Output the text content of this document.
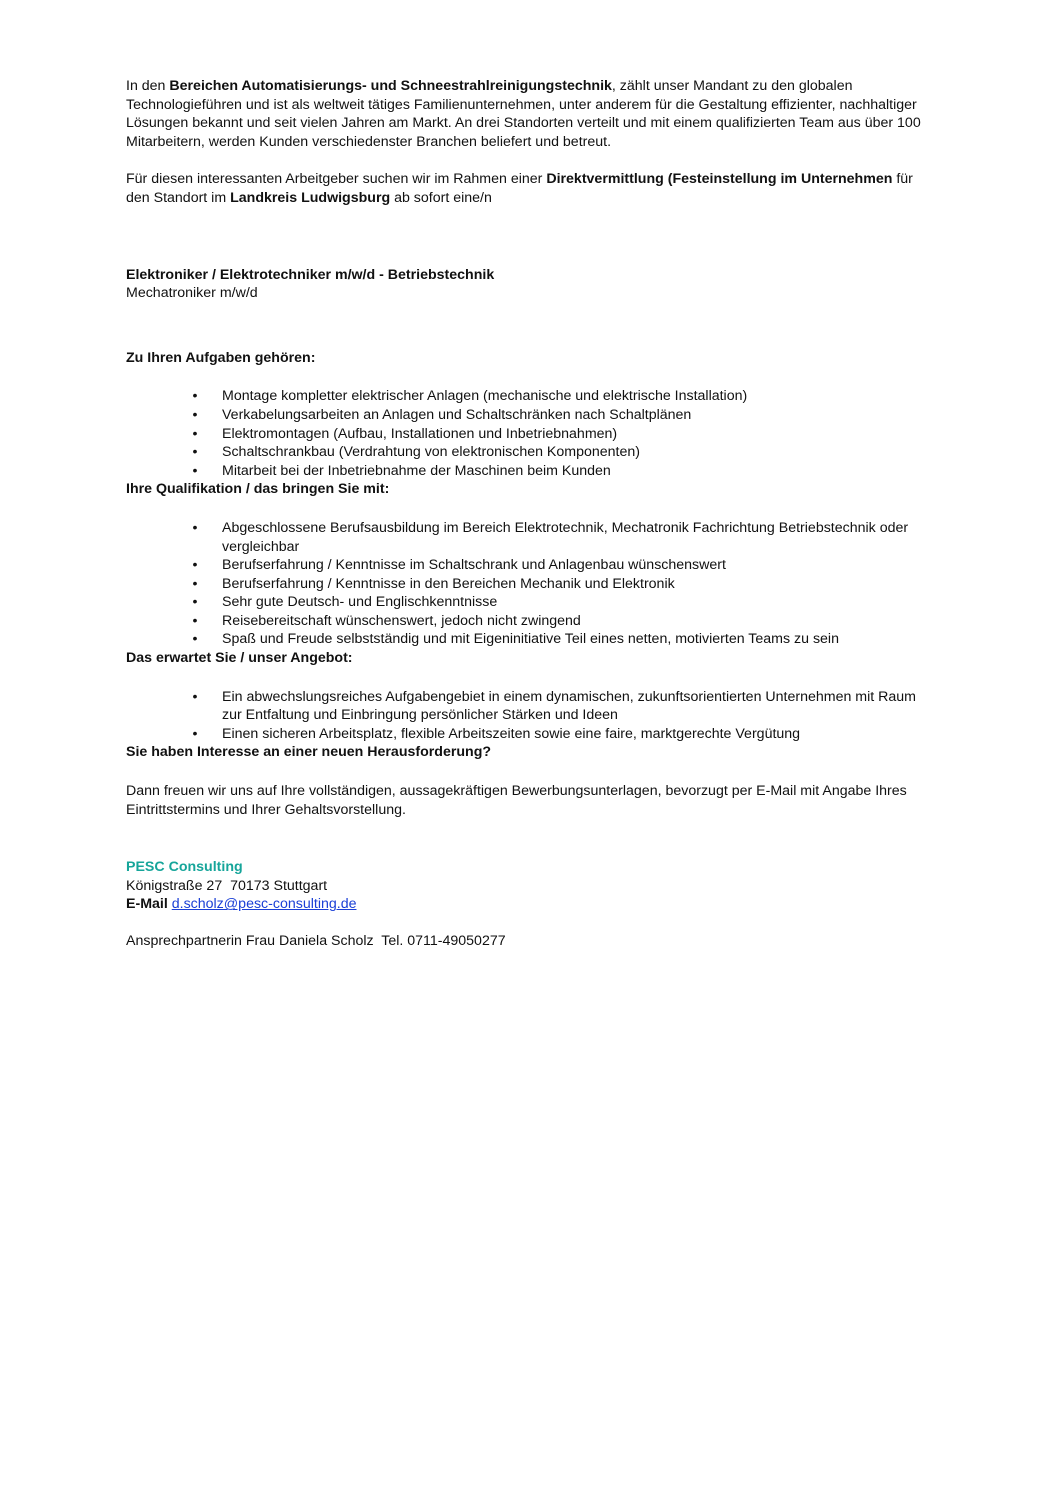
In den Bereichen Automatisierungs- und Schneestrahlreinigungstechnik, zählt unser Mandant zu den globalen Technologieführen und ist als weltweit tätiges Familienunternehmen, unter anderem für die Gestaltung effizienter, nachhaltiger Lösungen bekannt und seit vielen Jahren am Markt. An drei Standorten verteilt und mit einem qualifizierten Team aus über 100 Mitarbeitern, werden Kunden verschiedenster Branchen beliefert und betreut.

Für diesen interessanten Arbeitgeber suchen wir im Rahmen einer Direktvermittlung (Festeinstellung im Unternehmen für den Standort im Landkreis Ludwigsburg ab sofort eine/n

Elektroniker / Elektrotechniker m/w/d - Betriebstechnik

Mechatroniker m/w/d

Zu Ihren Aufgaben gehören:

•	Montage kompletter elektrischer Anlagen (mechanische und elektrische Installation)
•	Verkabelungsarbeiten an Anlagen und Schaltschränken nach Schaltplänen
•	Elektromontagen (Aufbau, Installationen und Inbetriebnahmen)
•	Schaltschrankbau (Verdrahtung von elektronischen Komponenten)
•	Mitarbeit bei der Inbetriebnahme der Maschinen beim Kunden

Ihre Qualifikation / das bringen Sie mit:

•	Abgeschlossene Berufsausbildung im Bereich Elektrotechnik, Mechatronik Fachrichtung Betriebstechnik oder vergleichbar
•	Berufserfahrung / Kenntnisse im Schaltschrank und Anlagenbau wünschenswert
•	Berufserfahrung / Kenntnisse in den Bereichen Mechanik und Elektronik
•	Sehr gute Deutsch- und Englischkenntnisse
•	Reisebereitschaft wünschenswert, jedoch nicht zwingend
•	Spaß und Freude selbstständig und mit Eigeninitiative Teil eines netten, motivierten Teams zu sein

Das erwartet Sie / unser Angebot:

•	Ein abwechslungsreiches Aufgabengebiet in einem dynamischen, zukunftsorientierten Unternehmen mit Raum zur Entfaltung und Einbringung persönlicher Stärken und Ideen
•	Einen sicheren Arbeitsplatz, flexible Arbeitszeiten sowie eine faire, marktgerechte Vergütung

Sie haben Interesse an einer neuen Herausforderung?

Dann freuen wir uns auf Ihre vollständigen, aussagekräftigen Bewerbungsunterlagen, bevorzugt per E-Mail mit Angabe Ihres Eintrittstermins und Ihrer Gehaltsvorstellung.

PESC Consulting

Königstraße 27  70173 Stuttgart

E-Mail d.scholz@pesc-consulting.de

Ansprechpartnerin Frau Daniela Scholz  Tel. 0711-49050277
